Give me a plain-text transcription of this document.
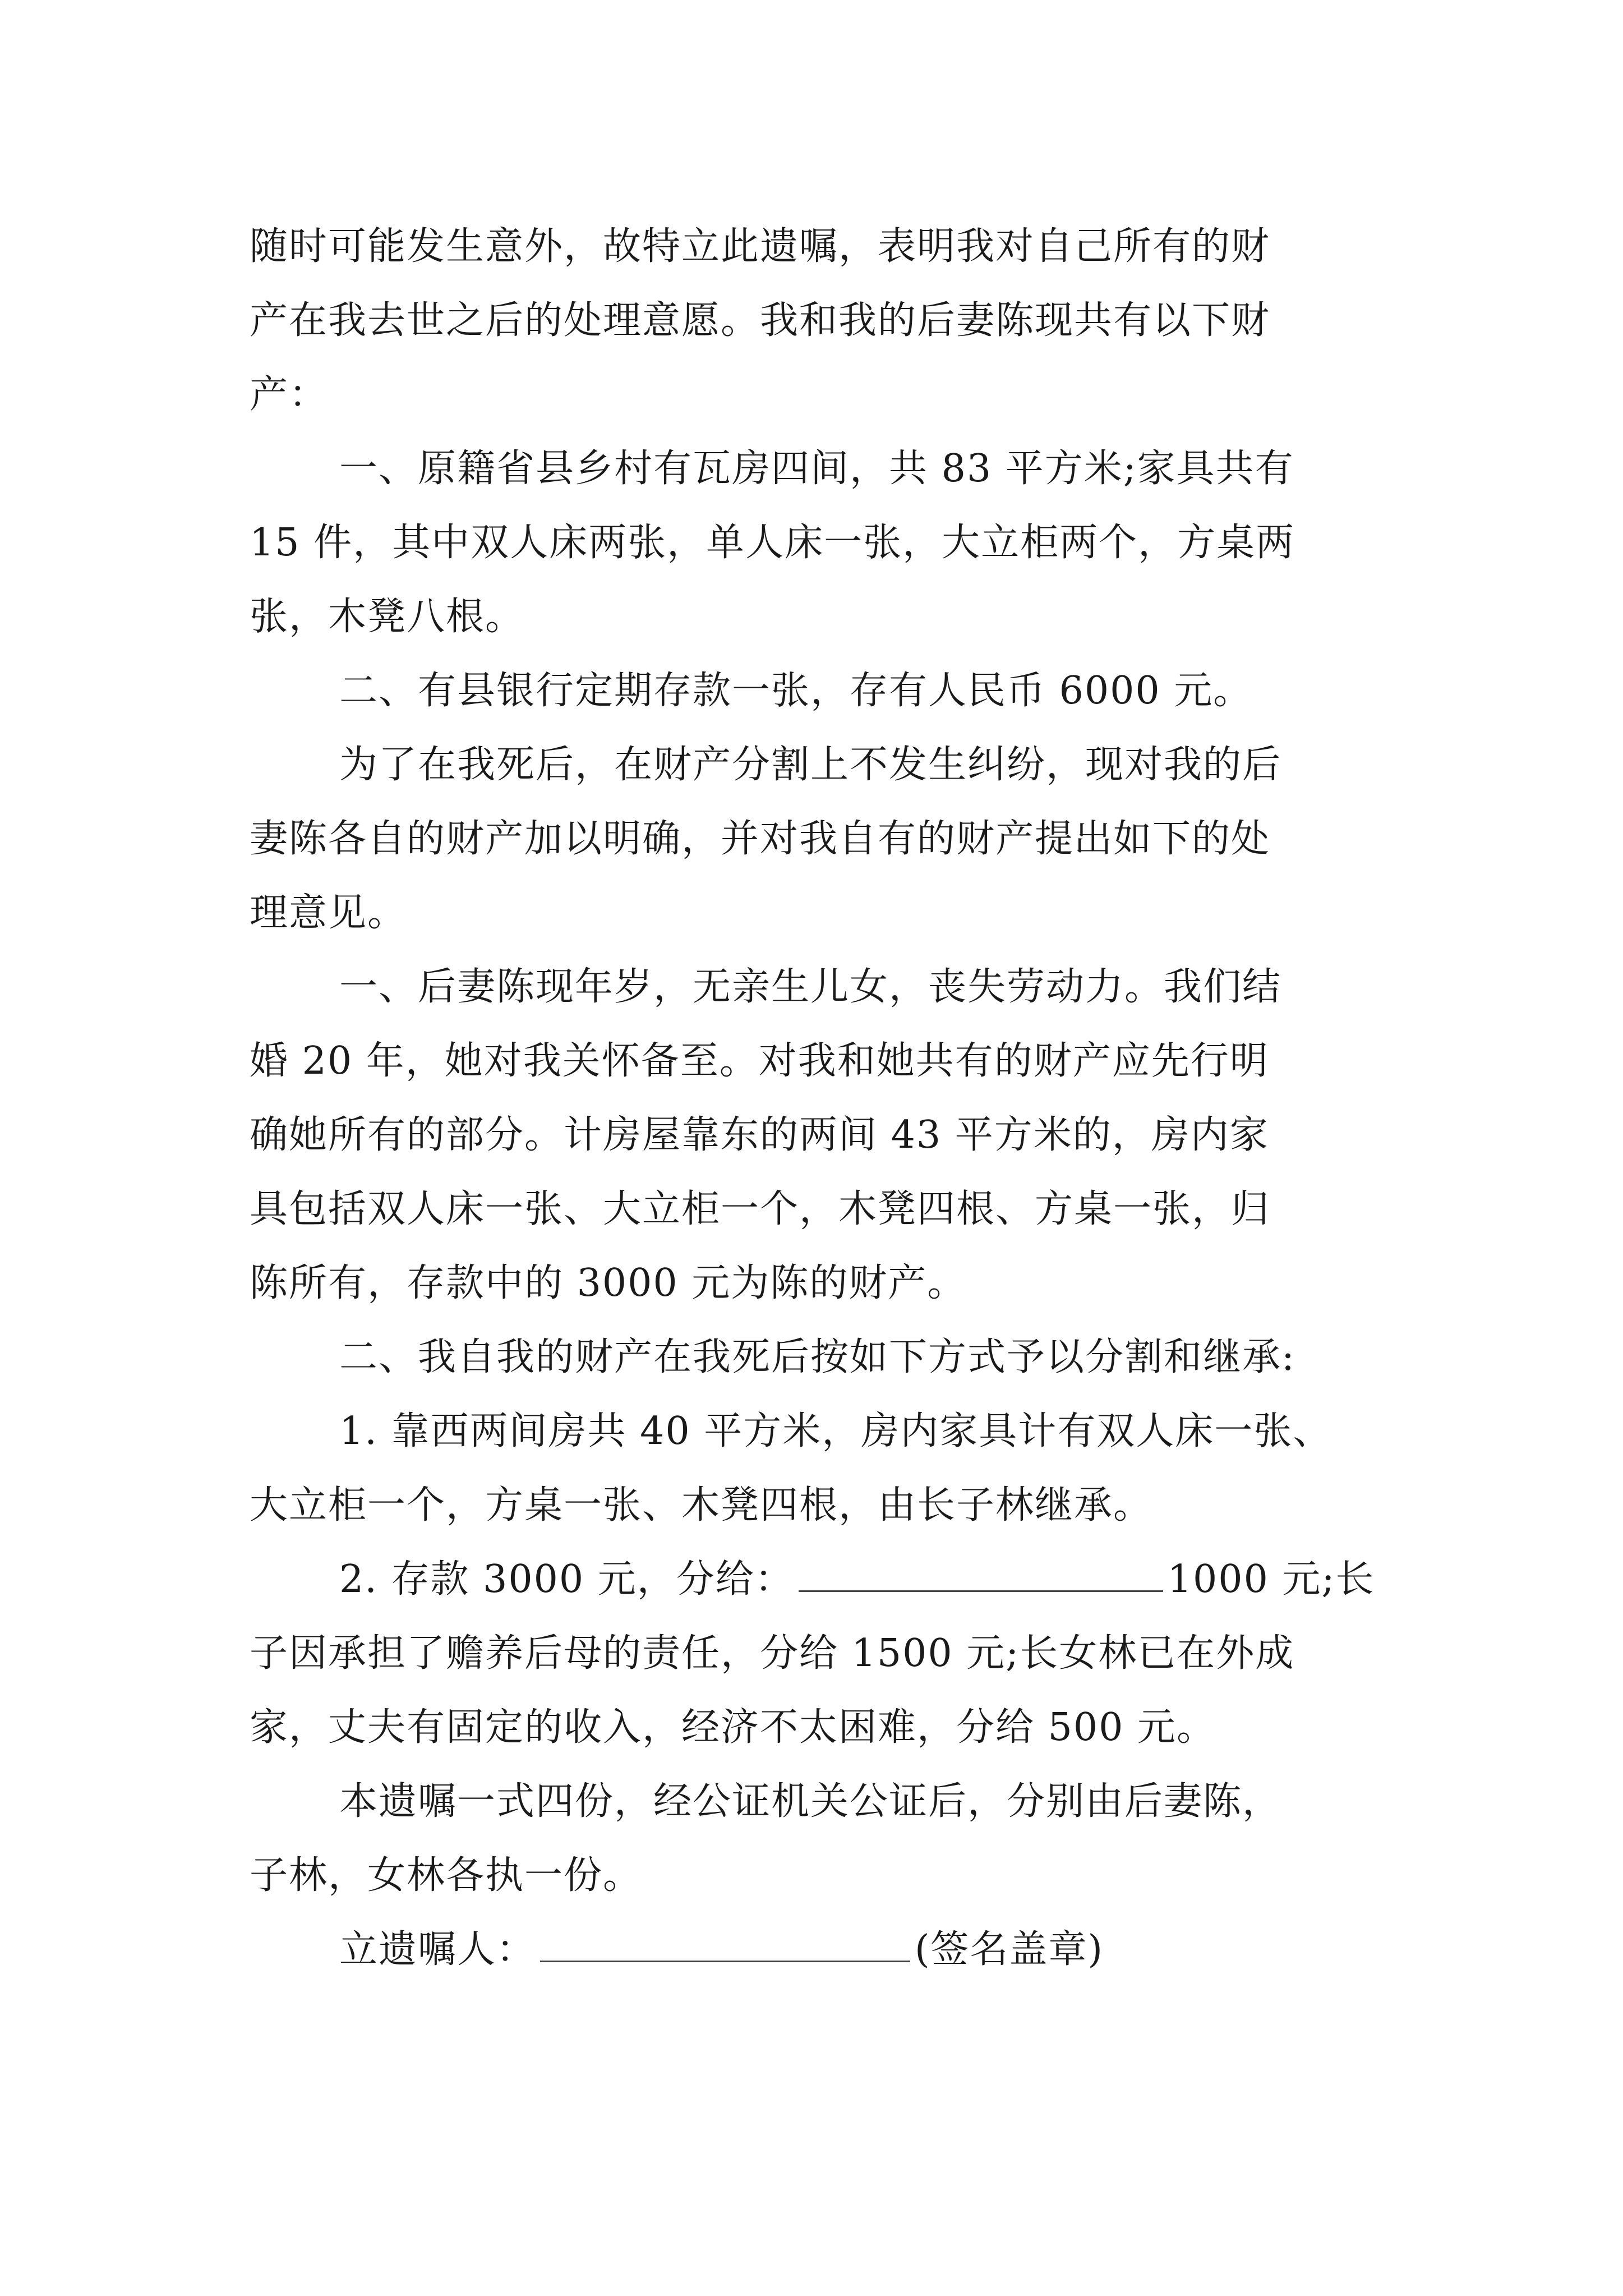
随时可能发生意外，故特立此遗嘱，表明我对自己所有的财
产在我去世之后的处理意愿。我和我的后妻陈现共有以下财
产：
一、原籍省县乡村有瓦房四间，共 83 平方米;家具共有
15 件，其中双人床两张，单人床一张，大立柜两个，方桌两
张，木凳八根。
二、有县银行定期存款一张，存有人民币 6000 元。
为了在我死后，在财产分割上不发生纠纷，现对我的后
妻陈各自的财产加以明确，并对我自有的财产提出如下的处
理意见。
一、后妻陈现年岁，无亲生儿女，丧失劳动力。我们结
婚 20 年，她对我关怀备至。对我和她共有的财产应先行明
确她所有的部分。计房屋靠东的两间 43 平方米的，房内家
具包括双人床一张、大立柜一个，木凳四根、方桌一张，归
陈所有，存款中的 3000 元为陈的财产。
二、我自我的财产在我死后按如下方式予以分割和继承:
1. 靠西两间房共 40 平方米，房内家具计有双人床一张、
大立柜一个，方桌一张、木凳四根，由长子林继承。
2. 存款 3000 元，分给：	1000 元;长
子因承担了赡养后母的责任，分给 1500 元;长女林已在外成
家，丈夫有固定的收入，经济不太困难，分给 500 元。
本遗嘱一式四份，经公证机关公证后，分别由后妻陈，
子林，女林各执一份。
立遗嘱人：	(签名盖章)
